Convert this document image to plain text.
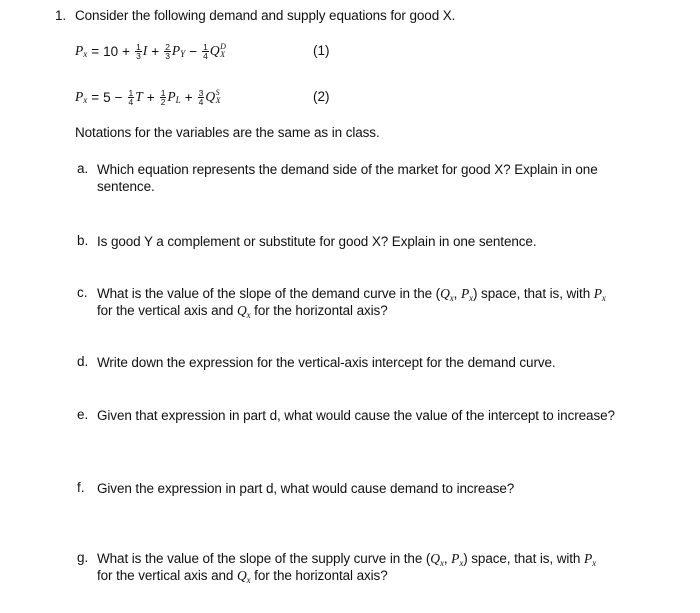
1. Consider the following demand and supply equations for good X.
P $x = 10 + \frac{1}{3}$ $I + \frac{2}{3}$ P $Y - \frac{1}{4}$ Q D
X	(1)
P $x = 5 - \frac{1}{4}$ $T + \frac{1}{2}$ P $L + \frac{3}{4}$ Q S
X	(2)
Notations for the variables are the same as in class.
a. Which equation represents the demand side of the market for good X? Explain in one
sentence.
b. Is good Y a complement or substitute for good X? Explain in one sentence.
c. What is the value of the slope of the demand curve in the ($Q_x$, $P_x$) space, that is, with $P_x$
for the vertical axis and $Q_x$ for the horizontal axis?
d. Write down the expression for the vertical-axis intercept for the demand curve.
e. Given that expression in part d, what would cause the value of the intercept to increase?
f. Given the expression in part d, what would cause demand to increase?
g. What is the value of the slope of the supply curve in the ($Q_x$, $P_x$) space, that is, with $P_x$
for the vertical axis and $Q_x$ for the horizontal axis?
